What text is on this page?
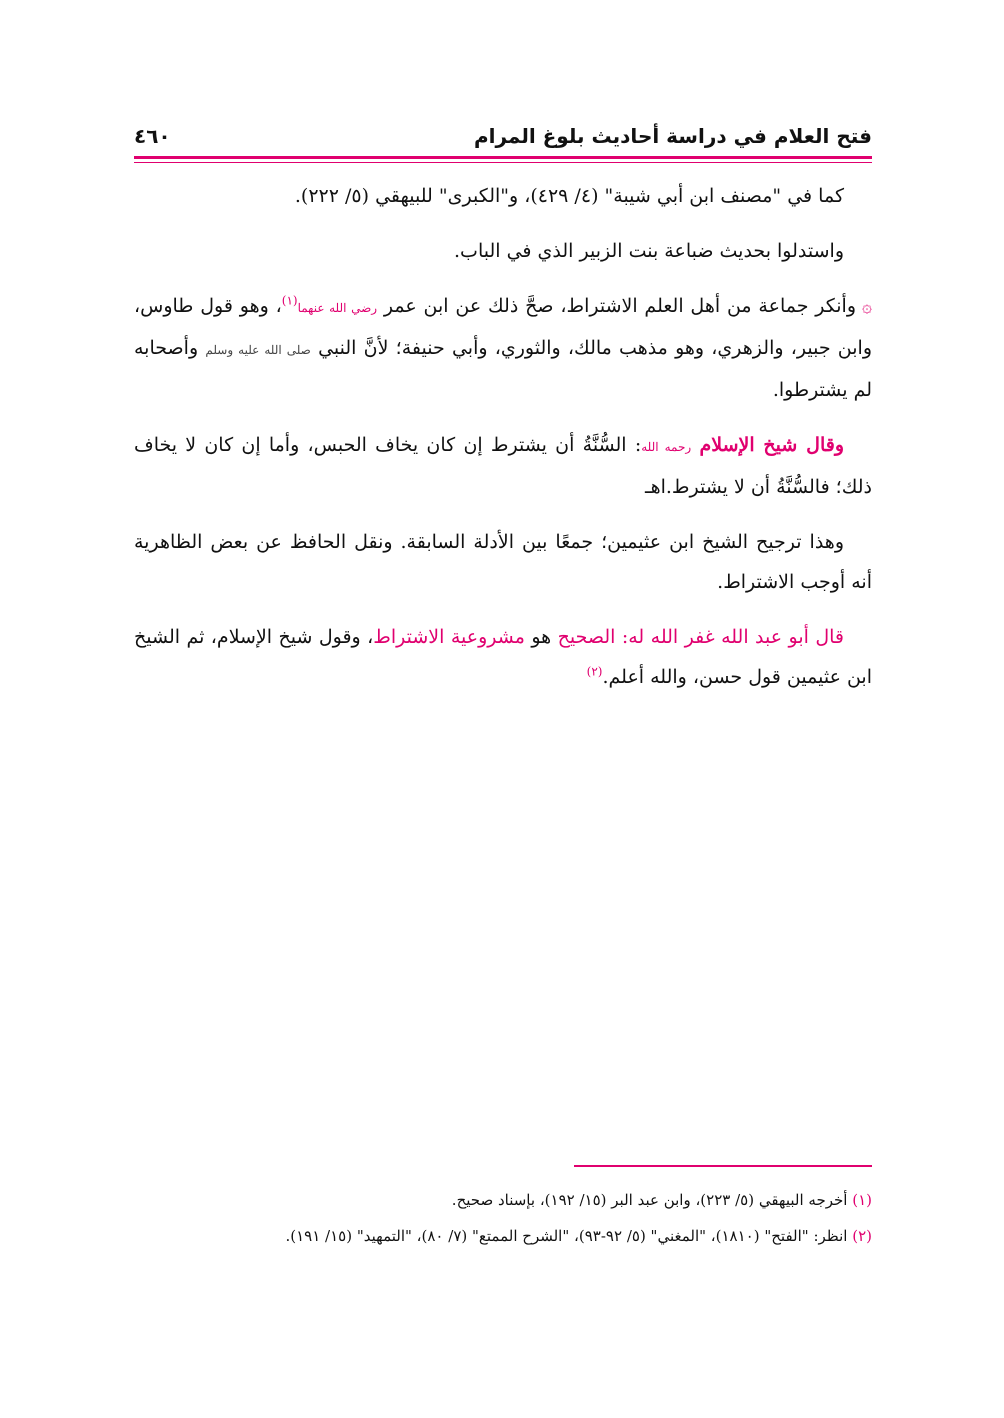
فتح العلام في دراسة أحاديث بلوغ المرام
٤٦٠

كما في "مصنف ابن أبي شيبة" (٤/ ٤٢٩)، و"الكبرى" للبيهقي (٥/ ٢٢٢).

واستدلوا بحديث ضباعة بنت الزبير الذي في الباب.

۞وأنكر جماعة من أهل العلم الاشتراط، صحَّ ذلك عن ابن عمر رضي الله عنهما$^{(١)}$، وهو قول طاوس، وابن جبير، والزهري، وهو مذهب مالك، والثوري، وأبي حنيفة؛ لأنَّ النبي صلى الله عليه وسلم وأصحابه لم يشترطوا.

وقال شيخ الإسلام رحمه الله: السُّنَّةُ أن يشترط إن كان يخاف الحبس، وأما إن كان لا يخاف ذلك؛ فالسُّنَّةُ أن لا يشترط.اهـ

وهذا ترجيح الشيخ ابن عثيمين؛ جمعًا بين الأدلة السابقة. ونقل الحافظ عن بعض الظاهرية أنه أوجب الاشتراط.

قال أبو عبد الله غفر الله له: الصحيح هو مشروعية الاشتراط، وقول شيخ الإسلام، ثم الشيخ ابن عثيمين قول حسن، والله أعلم.$^{(٢)}$

(١) أخرجه البيهقي (٥/ ٢٢٣)، وابن عبد البر (١٥/ ١٩٢)، بإسناد صحيح.

(٢) انظر: "الفتح" (١٨١٠)، "المغني" (٥/ ٩٢-٩٣)، "الشرح الممتع" (٧/ ٨٠)، "التمهيد" (١٥/ ١٩١).
